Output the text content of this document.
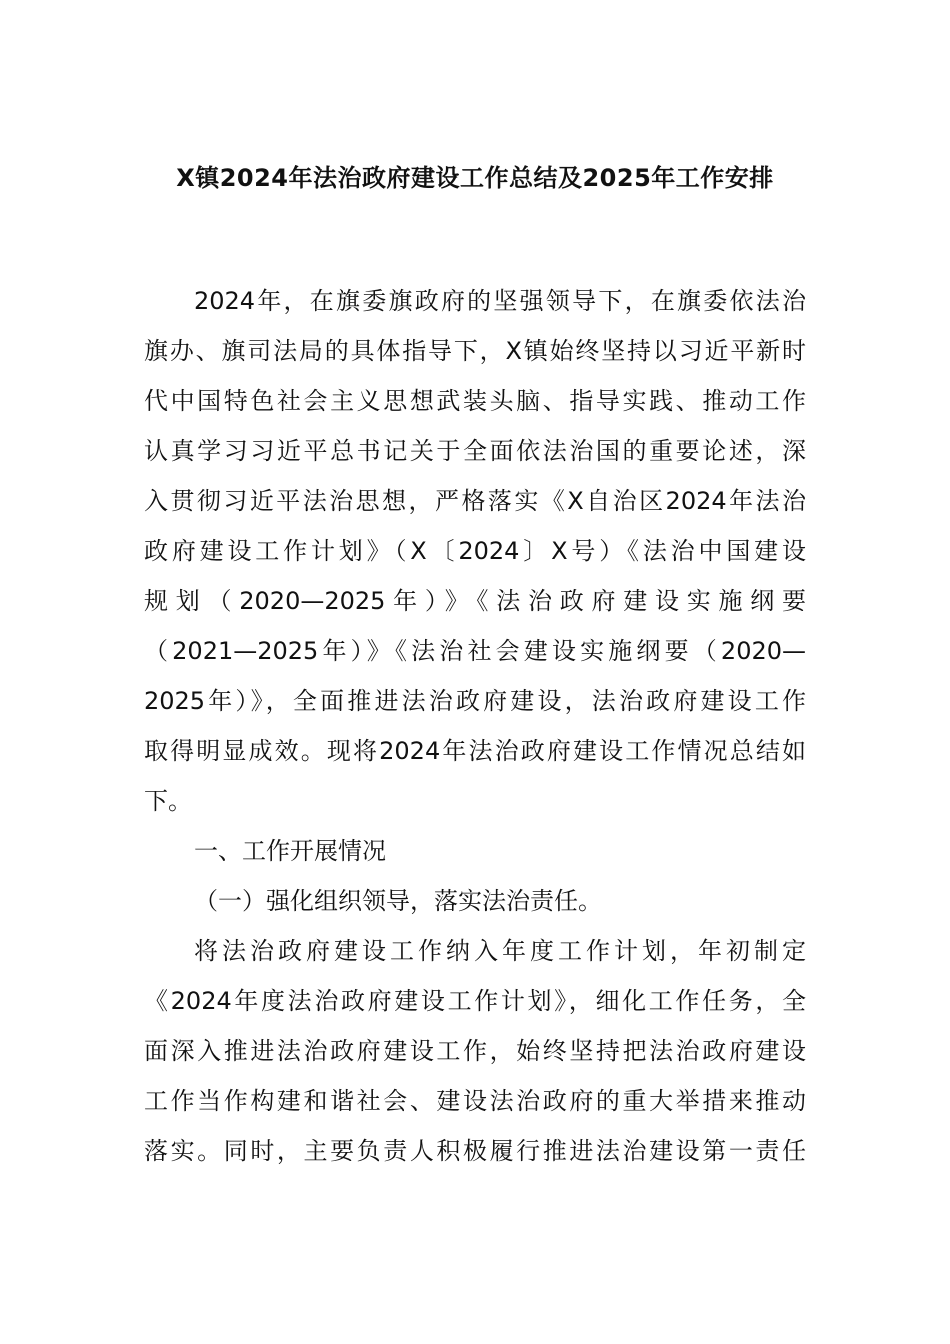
X镇2024年法治政府建设工作总结及2025年工作安排
2024年，在旗委旗政府的坚强领导下，在旗委依法治
旗办、旗司法局的具体指导下，X镇始终坚持以习近平新时
代中国特色社会主义思想武装头脑、指导实践、推动工作
认真学习习近平总书记关于全面依法治国的重要论述，深
入贯彻习近平法治思想，严格落实《X自治区2024年法治
政府建设工作计划》（X〔2024〕X号）《法治中国建设
规划（2020—2025年）》《法治政府建设实施纲要
（2021—2025年）》《法治社会建设实施纲要（2020—
2025年）》，全面推进法治政府建设，法治政府建设工作
取得明显成效。现将2024年法治政府建设工作情况总结如
下。
一、工作开展情况
（一）强化组织领导，落实法治责任。
将法治政府建设工作纳入年度工作计划，年初制定
《2024年度法治政府建设工作计划》，细化工作任务，全
面深入推进法治政府建设工作，始终坚持把法治政府建设
工作当作构建和谐社会、建设法治政府的重大举措来推动
落实。同时，主要负责人积极履行推进法治建设第一责任
